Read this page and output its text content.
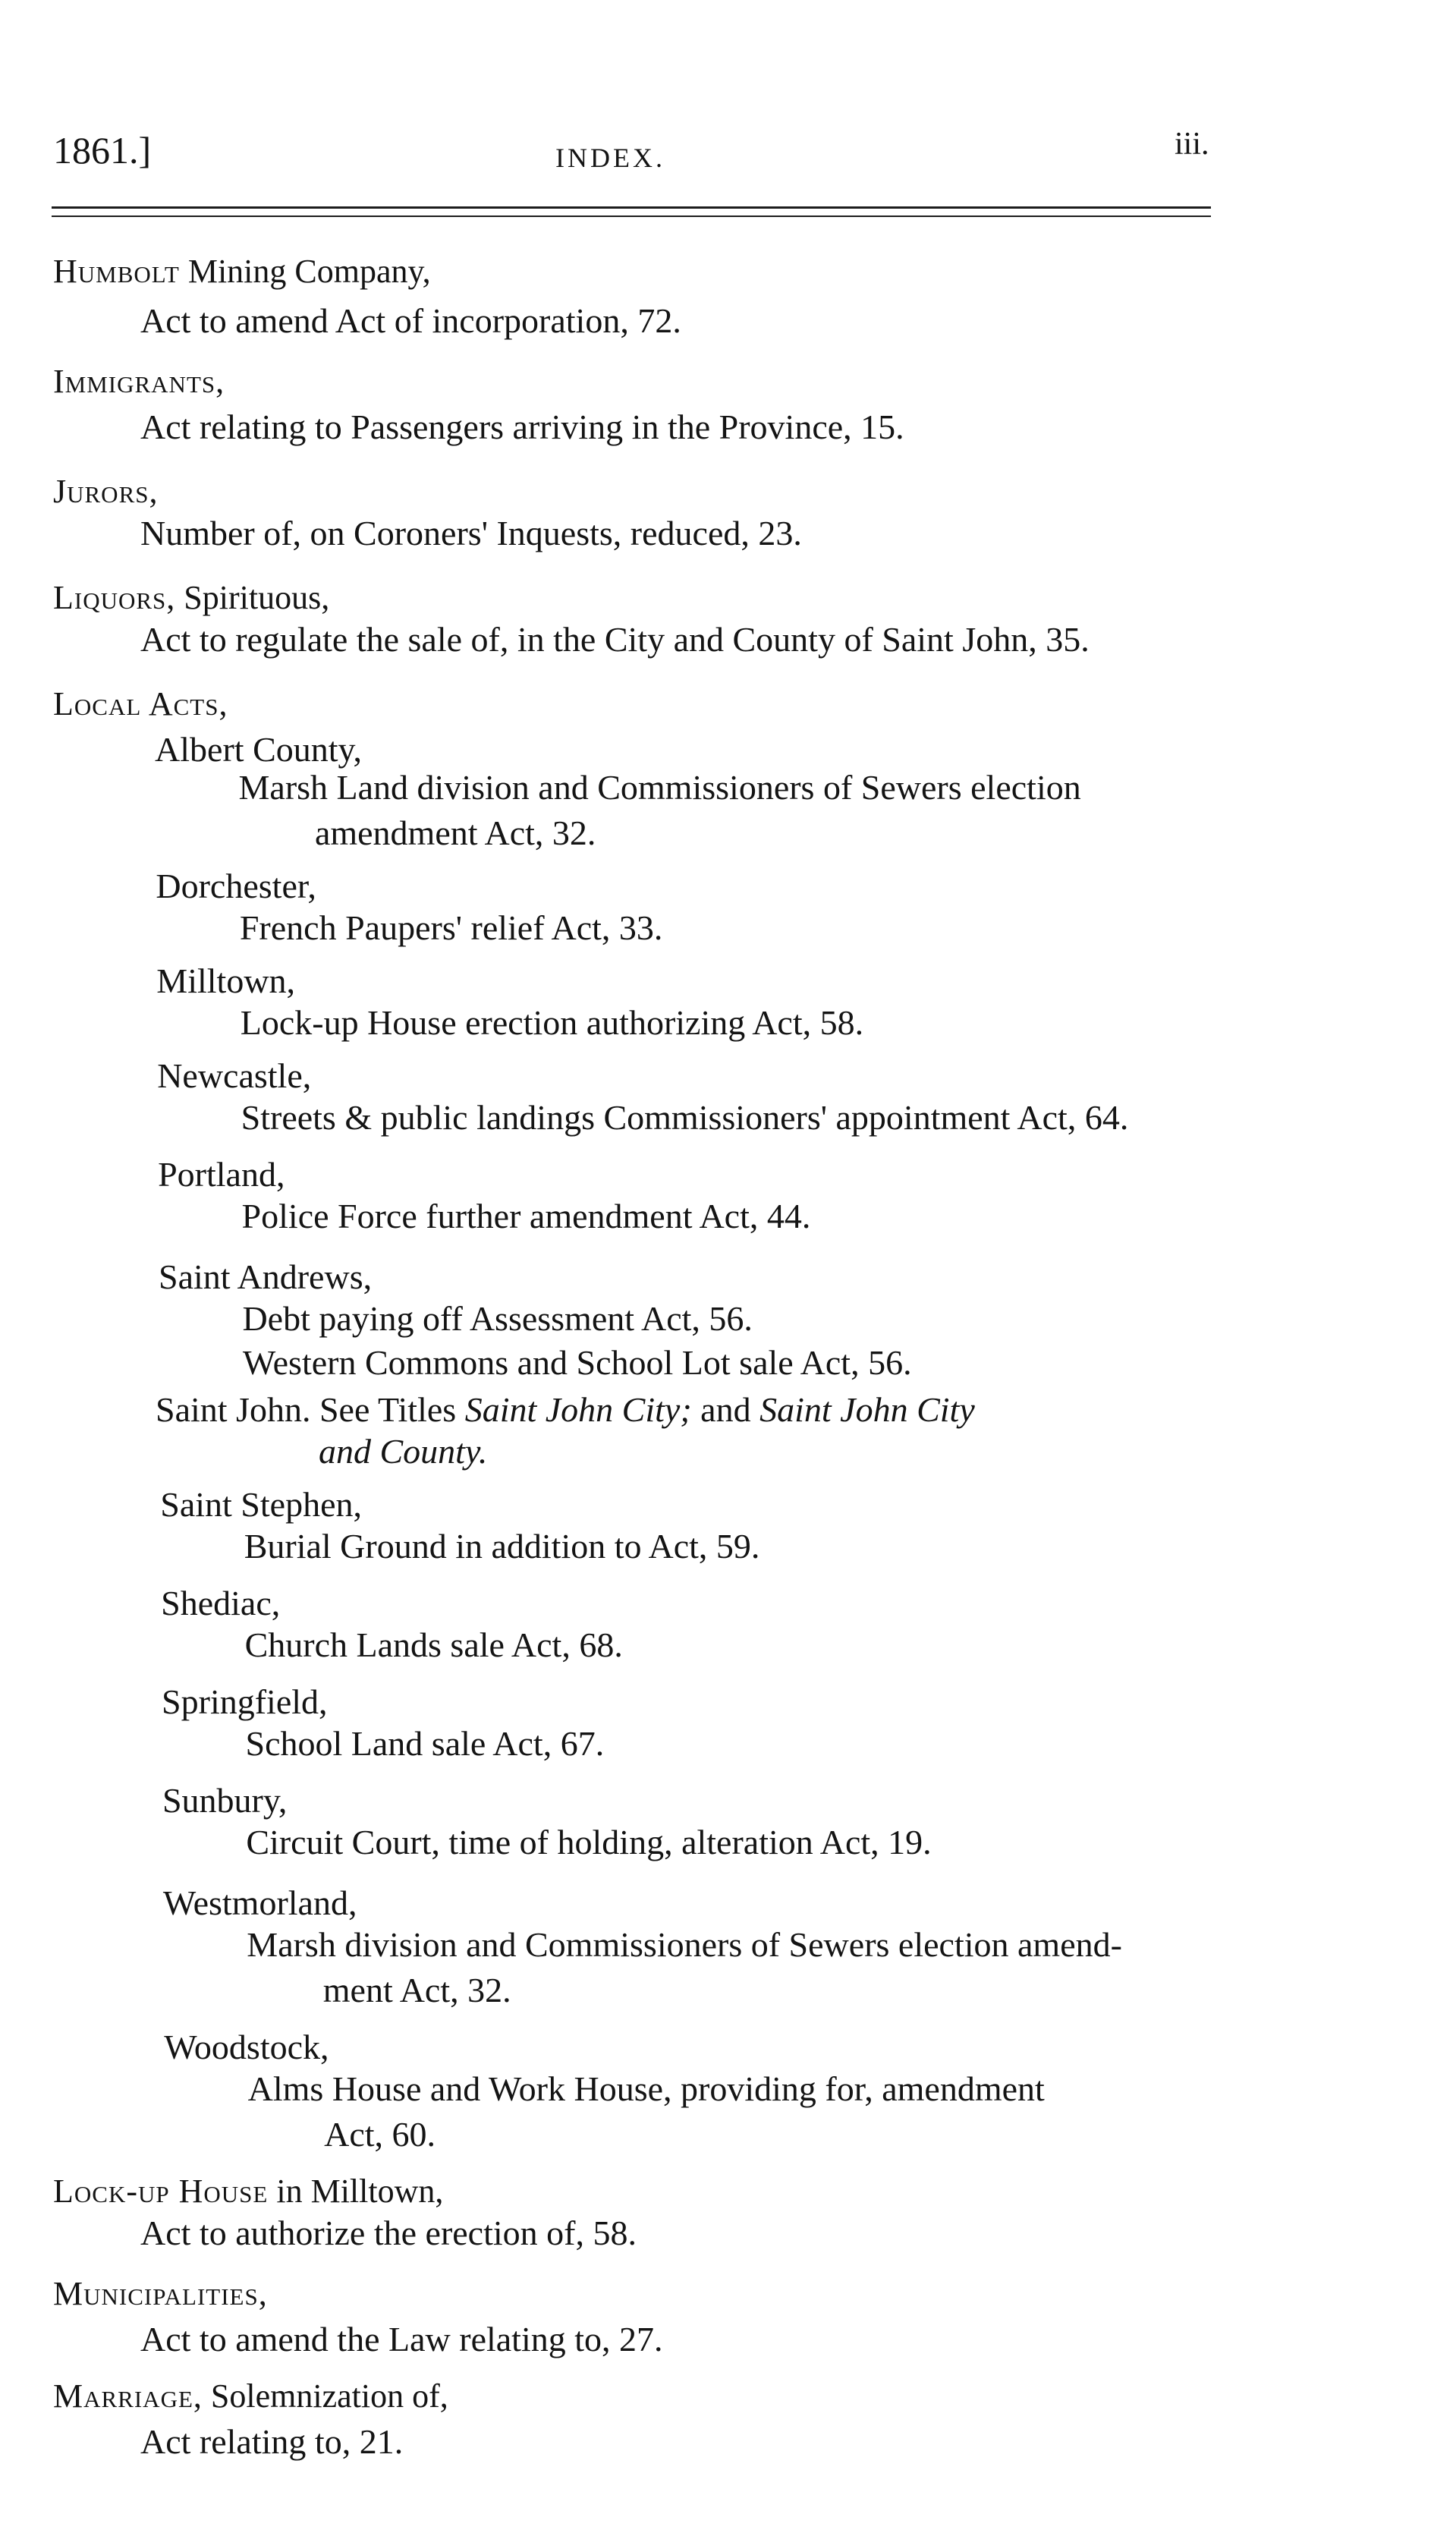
1861.]	INDEX.	iii.
Humbolt Mining Company,
Act to amend Act of incorporation, 72.
Immigrants,
Act relating to Passengers arriving in the Province, 15.
Jurors,
Number of, on Coroners' Inquests, reduced, 23.
Liquors, Spirituous,
Act to regulate the sale of, in the City and County of Saint John, 35.
Local Acts,
Albert County,
Marsh Land division and Commissioners of Sewers election
amendment Act, 32.
Dorchester,
French Paupers' relief Act, 33.
Milltown,
Lock-up House erection authorizing Act, 58.
Newcastle,
Streets & public landings Commissioners' appointment Act, 64.
Portland,
Police Force further amendment Act, 44.
Saint Andrews,
Debt paying off Assessment Act, 56.
Western Commons and School Lot sale Act, 56.
Saint John. See Titles Saint John City; and Saint John City
and County.
Saint Stephen,
Burial Ground in addition to Act, 59.
Shediac,
Church Lands sale Act, 68.
Springfield,
School Land sale Act, 67.
Sunbury,
Circuit Court, time of holding, alteration Act, 19.
Westmorland,
Marsh division and Commissioners of Sewers election amend-
ment Act, 32.
Woodstock,
Alms House and Work House, providing for, amendment
Act, 60.
Lock-up House in Milltown,
Act to authorize the erection of, 58.
Municipalities,
Act to amend the Law relating to, 27.
Marriage, Solemnization of,
Act relating to, 21.
